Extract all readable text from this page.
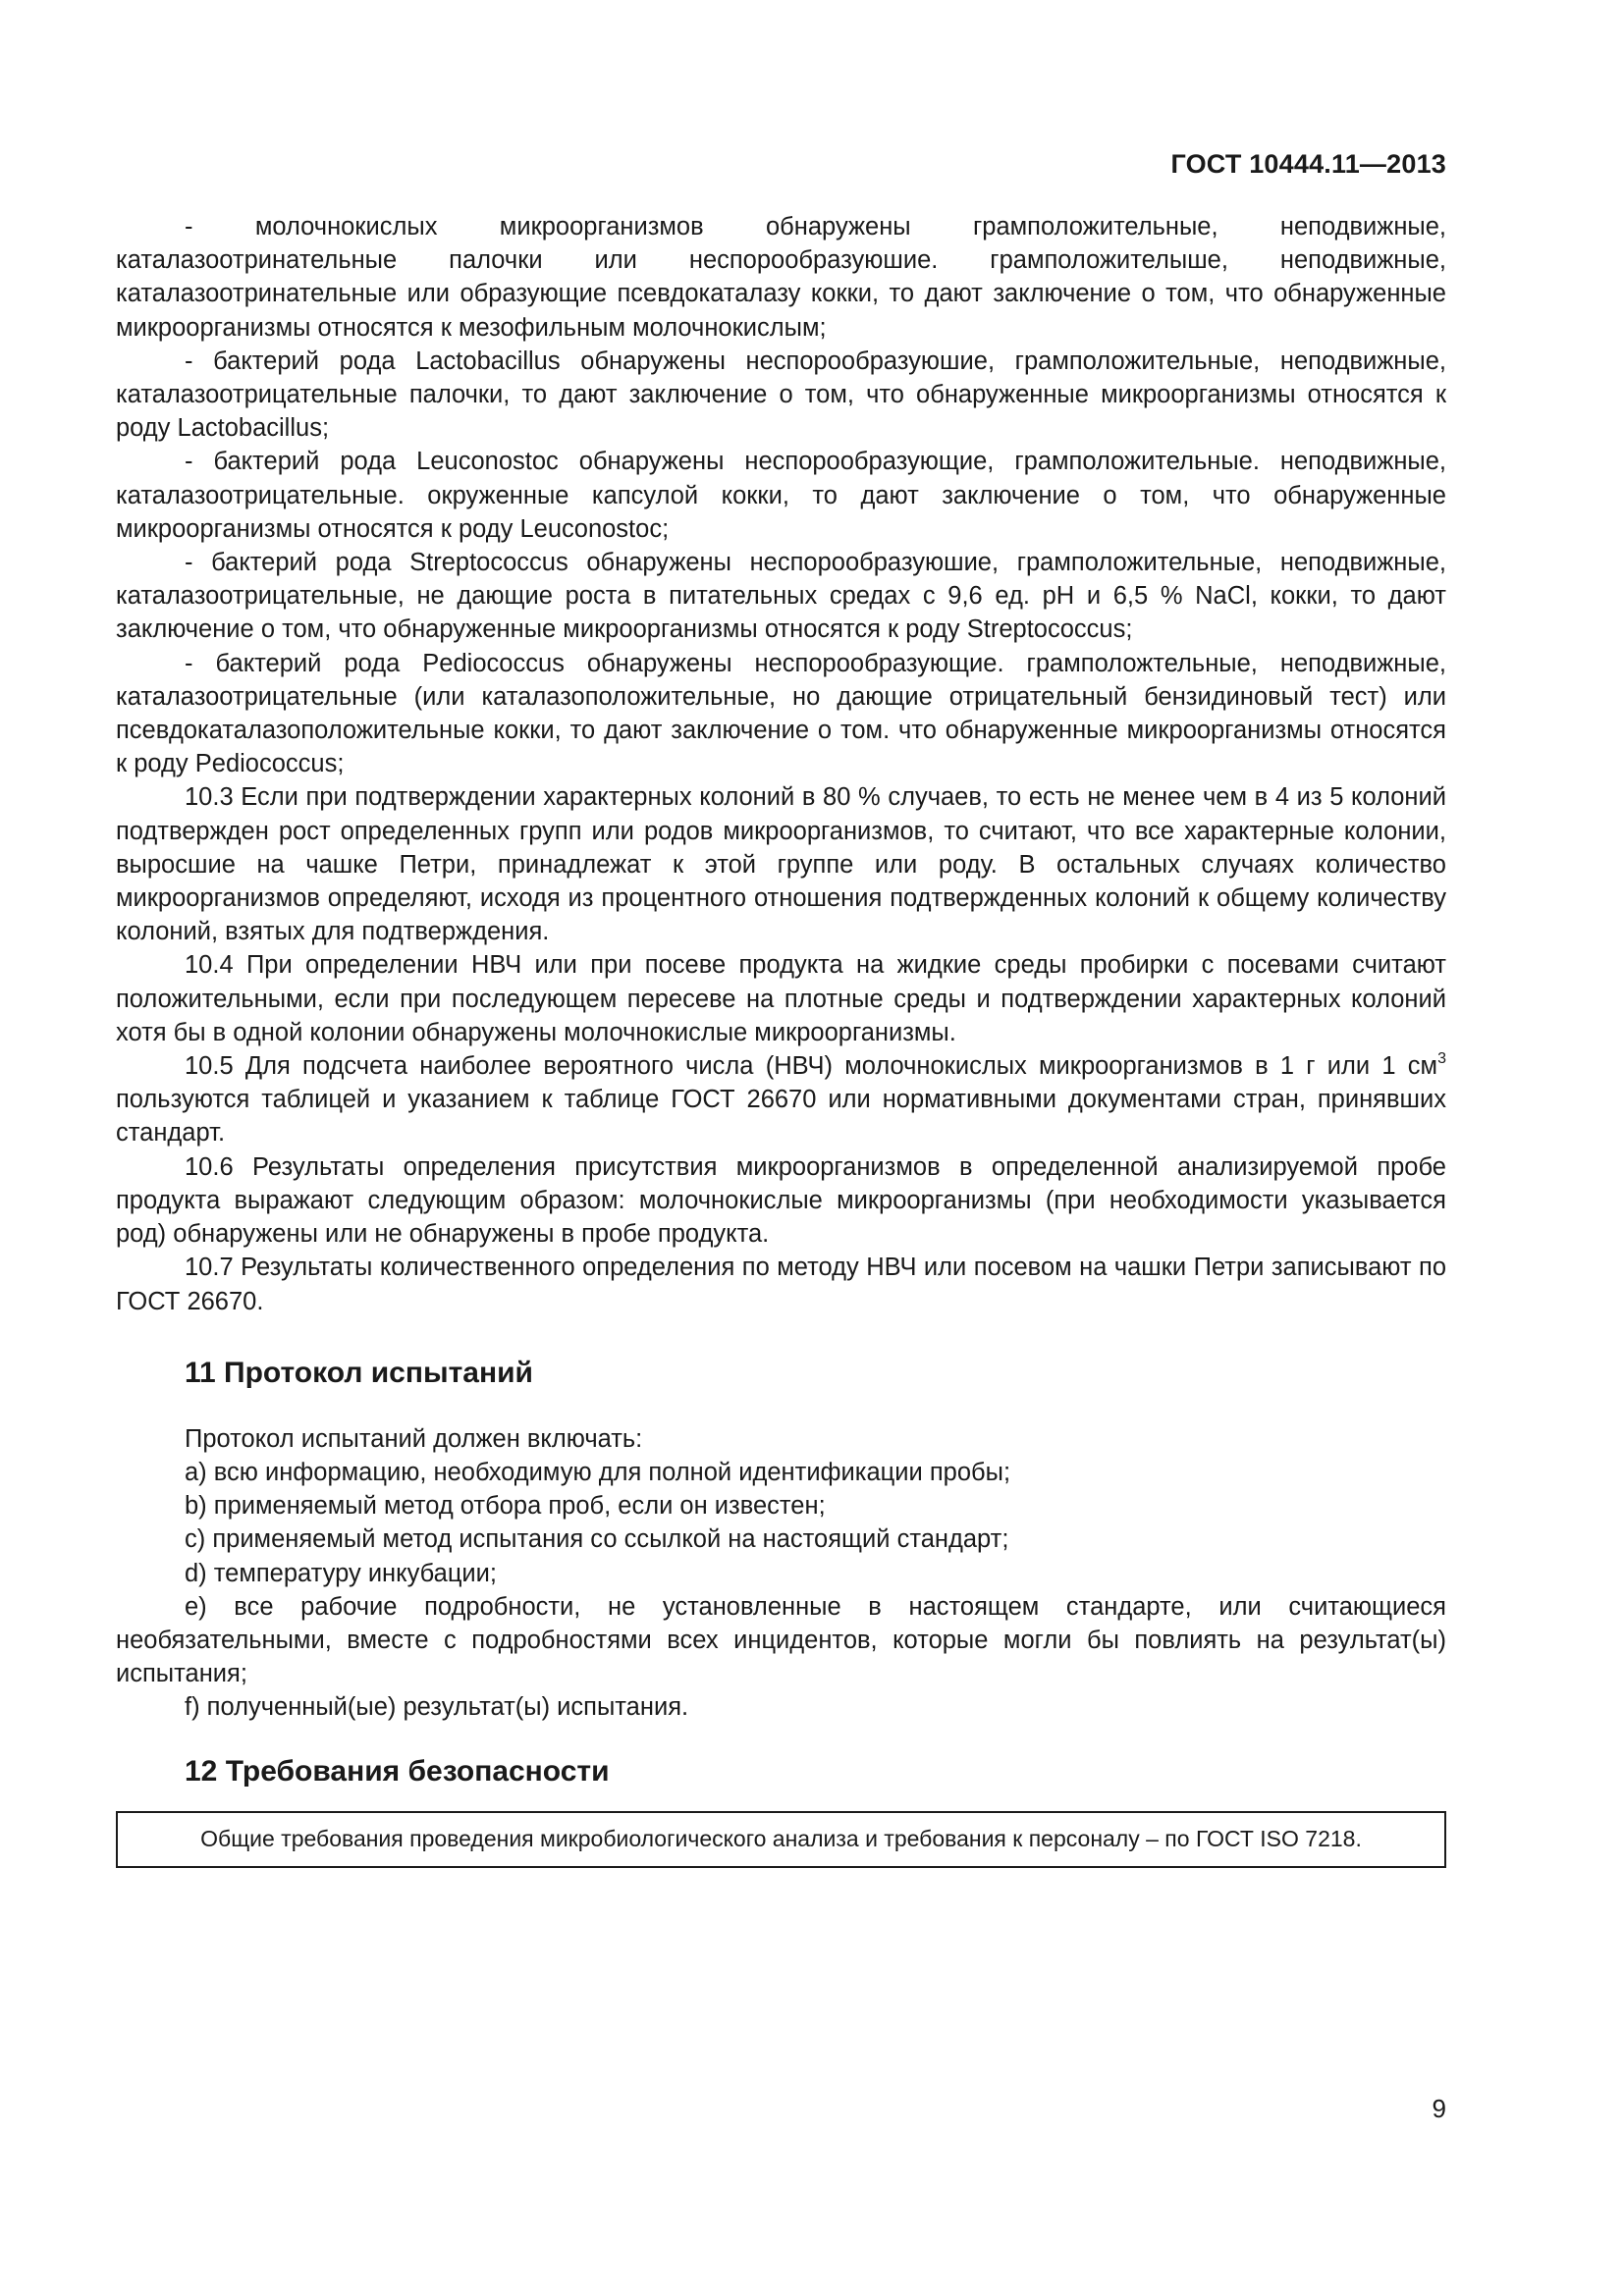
ГОСТ 10444.11—2013

- молочнокислых микроорганизмов обнаружены грамположительные, неподвижные, каталазоотринательные палочки или неспорообразуюшие. грамположителыше, неподвижные, каталазоотринательные или образующие псевдокаталазу кокки, то дают заключение о том, что обнаруженные микроорганизмы относятся к мезофильным молочнокислым;

- бактерий рода Lactobacillus обнаружены неспорообразуюшие, грамположительные, неподвижные, каталазоотрицательные палочки, то дают заключение о том, что обнаруженные микроорганизмы относятся к роду Lactobacillus;

- бактерий рода Leuconostoc обнаружены неспорообразующие, грамположительные. неподвижные, каталазоотрицательные. окруженные капсулой кокки, то дают заключение о том, что обнаруженные микроорганизмы относятся к роду Leuconostoc;

- бактерий рода Streptococcus обнаружены неспорообразуюшие, грамположительные, неподвижные, каталазоотрицательные, не дающие роста в питательных средах с 9,6 ед. pH и 6,5 % NaCl, кокки, то дают заключение о том, что обнаруженные микроорганизмы относятся к роду Streptococcus;

- бактерий рода Pediococcus обнаружены неспорообразующие. грамположтельные, неподвижные, каталазоотрицательные (или каталазоположительные, но дающие отрицательный бензидиновый тест) или псевдокаталазоположительные кокки, то дают заключение о том. что обнаруженные микроорганизмы относятся к роду Pediococcus;

10.3 Если при подтверждении характерных колоний в 80 % случаев, то есть не менее чем в 4 из 5 колоний подтвержден рост определенных групп или родов микроорганизмов, то считают, что все характерные колонии, выросшие на чашке Петри, принадлежат к этой группе или роду. В остальных случаях количество микроорганизмов определяют, исходя из процентного отношения подтвержденных колоний к общему количеству колоний, взятых для подтверждения.

10.4 При определении НВЧ или при посеве продукта на жидкие среды пробирки с посевами считают положительными, если при последующем пересеве на плотные среды и подтверждении характерных колоний хотя бы в одной колонии обнаружены молочнокислые микроорганизмы.

10.5 Для подсчета наиболее вероятного числа (НВЧ) молочнокислых микроорганизмов в 1 г или 1 $см^3$ пользуются таблицей и указанием к таблице ГОСТ 26670 или нормативными документами стран, принявших стандарт.

10.6 Результаты определения присутствия микроорганизмов в определенной анализируемой пробе продукта выражают следующим образом: молочнокислые микроорганизмы (при необходимости указывается род) обнаружены или не обнаружены в пробе продукта.

10.7 Результаты количественного определения по методу НВЧ или посевом на чашки Петри записывают по ГОСТ 26670.

11 Протокол испытаний

Протокол испытаний должен включать:

a) всю информацию, необходимую для полной идентификации пробы;

b) применяемый метод отбора проб, если он известен;

c) применяемый метод испытания со ссылкой на настоящий стандарт;

d) температуру инкубации;

e) все рабочие подробности, не установленные в настоящем стандарте, или считающиеся необязательными, вместе с подробностями всех инцидентов, которые могли бы повлиять на результат(ы) испытания;

f) полученный(ые) результат(ы) испытания.

12 Требования безопасности
Общие требования проведения микробиологического анализа и требования к персоналу – по ГОСТ ISO 7218.
9
